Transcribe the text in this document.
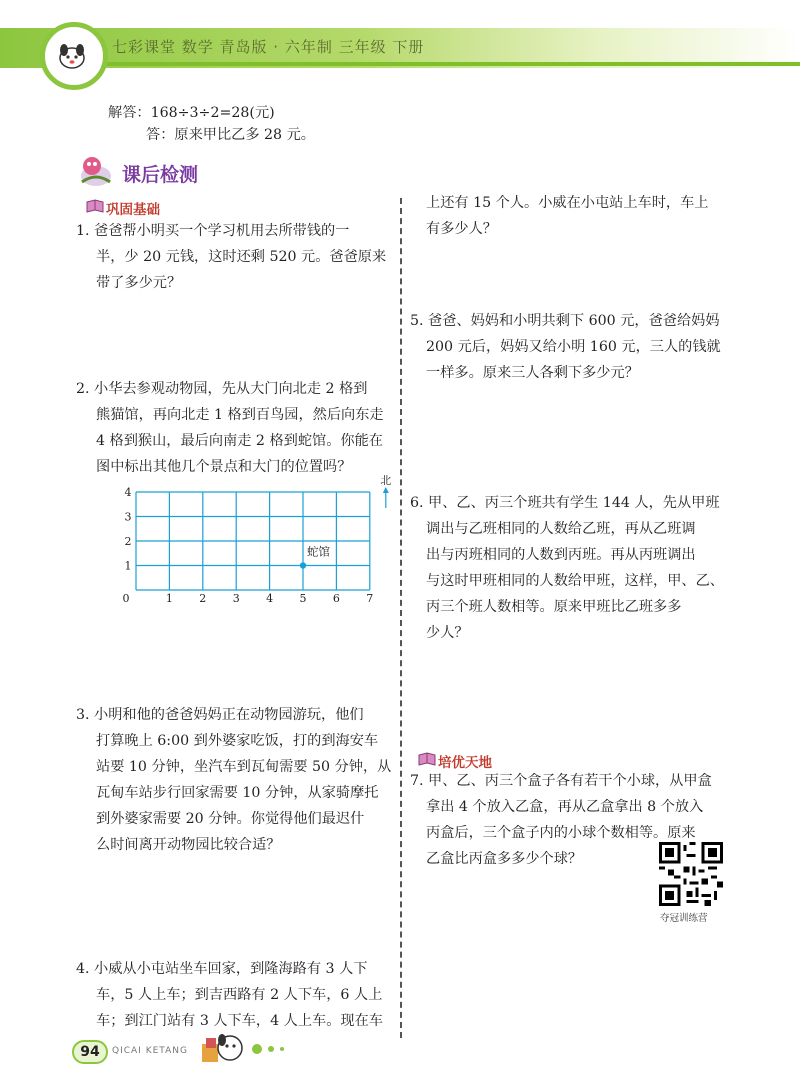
七彩课堂 数学 青岛版 · 六年制 三年级 下册
解答：168÷3÷2=28(元)
答：原来甲比乙多 28 元。
课后检测
巩固基础
1. 爸爸帮小明买一个学习机用去所带钱的一
半，少 20 元钱，这时还剩 520 元。爸爸原来
带了多少元？
2. 小华去参观动物园，先从大门向北走 2 格到
熊猫馆，再向北走 1 格到百鸟园，然后向东走
4 格到猴山，最后向南走 2 格到蛇馆。你能在
图中标出其他几个景点和大门的位置吗？
0	1 2 3 4 5 6 7
1
2
3
4
北
蛇馆
3. 小明和他的爸爸妈妈正在动物园游玩，他们
打算晚上 6:00 到外婆家吃饭，打的到海安车
站要 10 分钟，坐汽车到瓦甸需要 50 分钟，从
瓦甸车站步行回家需要 10 分钟，从家骑摩托
到外婆家需要 20 分钟。你觉得他们最迟什
么时间离开动物园比较合适？
4. 小威从小屯站坐车回家，到隆海路有 3 人下
车，5 人上车；到吉西路有 2 人下车，6 人上
车；到江门站有 3 人下车，4 人上车。现在车
上还有 15 个人。小威在小屯站上车时，车上
有多少人？
5. 爸爸、妈妈和小明共剩下 600 元，爸爸给妈妈
200 元后，妈妈又给小明 160 元，三人的钱就
一样多。原来三人各剩下多少元？
6. 甲、乙、丙三个班共有学生 144 人，先从甲班
调出与乙班相同的人数给乙班，再从乙班调
出与丙班相同的人数到丙班。再从丙班调出
与这时甲班相同的人数给甲班，这样，甲、乙、
丙三个班人数相等。原来甲班比乙班多多
少人？
培优天地
7. 甲、乙、丙三个盒子各有若干个小球，从甲盒
拿出 4 个放入乙盒，再从乙盒拿出 8 个放入
丙盒后，三个盒子内的小球个数相等。原来
乙盒比丙盒多多少个球？
夺冠训练营
94	QICAI KETANG
